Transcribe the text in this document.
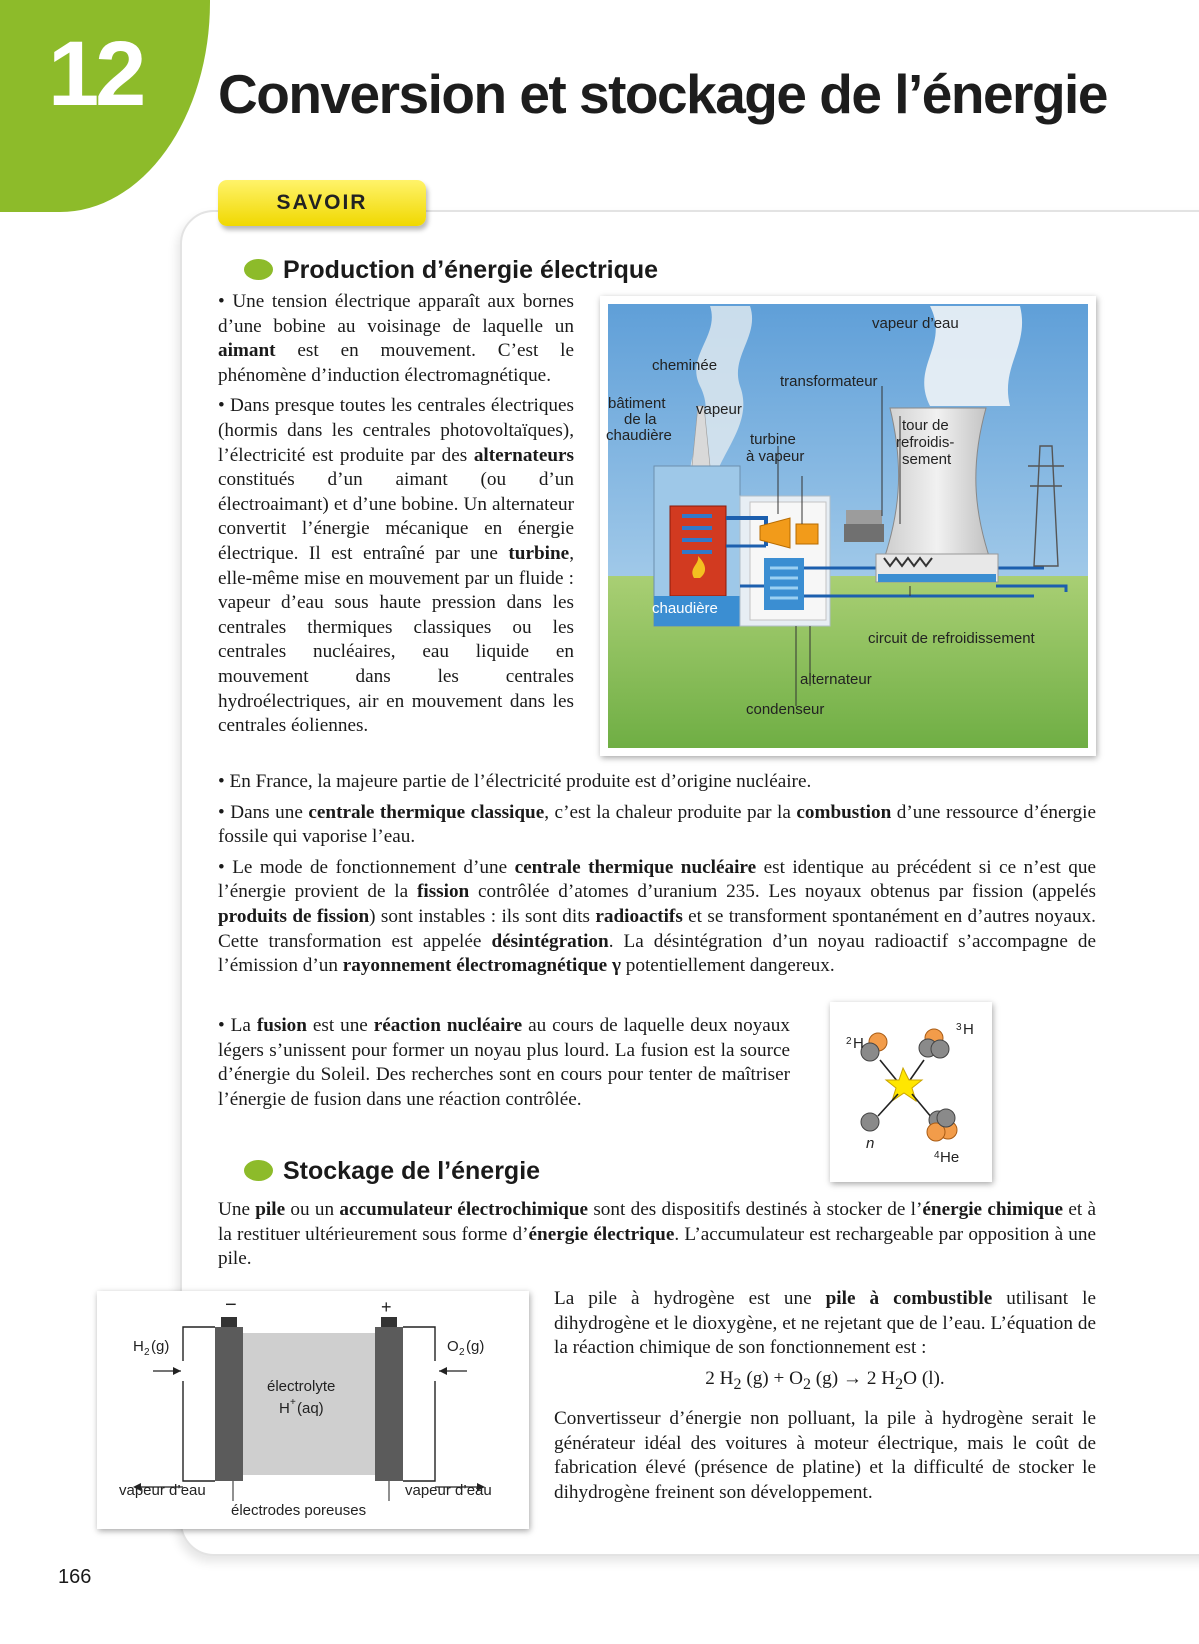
12 Conversion et stockage de l’énergie
SAVOIR
Production d’énergie électrique

• Une tension électrique apparaît aux bornes d’une bobine au voisinage de laquelle un aimant est en mouvement. C’est le phénomène d’induction électromagnétique.

• Dans presque toutes les centrales électriques (hormis dans les centrales photovoltaïques), l’électricité est produite par des alternateurs constitués d’un aimant (ou d’un électroaimant) et d’une bobine. Un alternateur convertit l’énergie mécanique en énergie électrique. Il est entraîné par une turbine, elle-même mise en mouvement par un fluide : vapeur d’eau sous haute pression dans les centrales thermiques classiques ou les centrales nucléaires, eau liquide en mouvement dans les centrales hydroélectriques, air en mouvement dans les centrales éoliennes.

• En France, la majeure partie de l’électricité produite est d’origine nucléaire.

• Dans une centrale thermique classique, c’est la chaleur produite par la combustion d’une ressource d’énergie fossile qui vaporise l’eau.

• Le mode de fonctionnement d’une centrale thermique nucléaire est identique au précédent si ce n’est que l’énergie provient de la fission contrôlée d’atomes d’uranium 235. Les noyaux obtenus par fission (appelés produits de fission) sont instables : ils sont dits radioactifs et se transforment spontanément en d’autres noyaux. Cette transformation est appelée désintégration. La désintégration d’un noyau radioactif s’accompagne de l’émission d’un rayonnement électromagnétique γ potentiellement dangereux.

• La fusion est une réaction nucléaire au cours de laquelle deux noyaux légers s’unissent pour former un noyau plus lourd. La fusion est la source d’énergie du Soleil. Des recherches sont en cours pour tenter de maîtriser l’énergie de fusion dans une réaction contrôlée.

vapeur d’eau
cheminée
transformateur
bâtiment
de la
chaudière
vapeur
turbine
à vapeur
tour de
refroidis-
sement
chaudière
circuit de refroidissement
alternateur
condenseur
2 H
3 H
n
4 He
Stockage de l’énergie

Une pile ou un accumulateur électrochimique sont des dispositifs destinés à stocker de l’énergie chimique et à la restituer ultérieurement sous forme d’énergie électrique. L’accumulateur est rechargeable par opposition à une pile.

−	+
H 2 (g)	O 2 (g)
électrolyte
H + (aq)
vapeur d’eau	vapeur d’eau
électrodes poreuses

La pile à hydrogène est une pile à combustible utilisant le dihydrogène et le dioxygène, et ne rejetant que de l’eau. L’équation de la réaction chimique de son fonctionnement est :

2 $H_2$ $(g) + O_2$ (g) → 2 $H_2O$ (l).

Convertisseur d’énergie non polluant, la pile à hydrogène serait le générateur idéal des voitures à moteur électrique, mais le coût de fabrication élevé (présence de platine) et la difficulté de stocker le dihydrogène freinent son développement.

166
